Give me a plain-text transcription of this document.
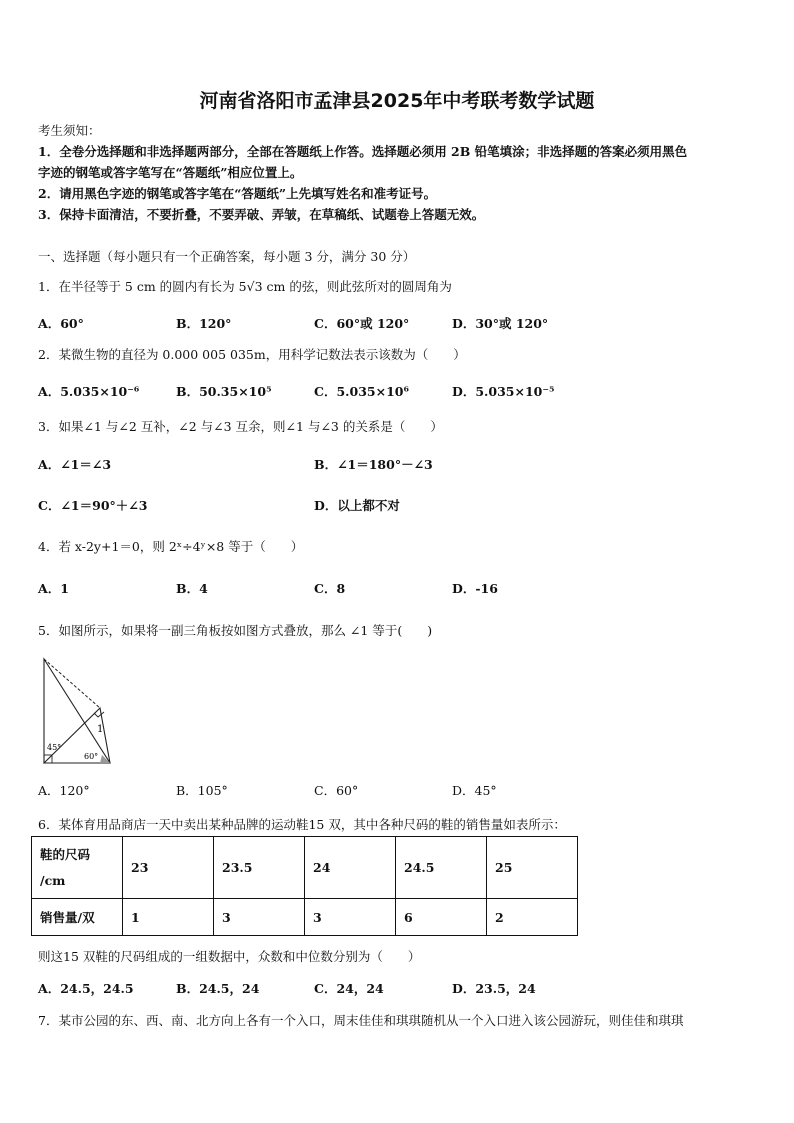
河南省洛阳市孟津县2025年中考联考数学试题
考生须知：
1．全卷分选择题和非选择题两部分，全部在答题纸上作答。选择题必须用 2B 铅笔填涂；非选择题的答案必须用黑色
字迹的钢笔或答字笔写在“答题纸”相应位置上。
2．请用黑色字迹的钢笔或答字笔在“答题纸”上先填写姓名和准考证号。
3．保持卡面清洁，不要折叠，不要弄破、弄皱，在草稿纸、试题卷上答题无效。
一、选择题（每小题只有一个正确答案，每小题 3 分，满分 30 分）
1．在半径等于 5 cm 的圆内有长为 5√3 cm 的弦，则此弦所对的圆周角为
A．60°	B．120°	C．60°或 120°	D．30°或 120°
2．某微生物的直径为 0.000 005 035m，用科学记数法表示该数为（　　）
A．5.035×10⁻⁶	B．50.35×10⁵	C．5.035×10⁶	D．5.035×10⁻⁵
3．如果∠1 与∠2 互补，∠2 与∠3 互余，则∠1 与∠3 的关系是（　　）
A．∠1＝∠3	B．∠1＝180°－∠3
C．∠1＝90°＋∠3	D．以上都不对
4．若 x-2y+1＝0，则 2ˣ÷4ʸ×8 等于（　　）
A．1	B．4	C．8	D．-16
5．如图所示，如果将一副三角板按如图方式叠放，那么 ∠1 等于(　　)
1
45°
60°
A．120°	B．105°	C．60°	D．45°
6．某体育用品商店一天中卖出某种品牌的运动鞋15 双，其中各种尺码的鞋的销售量如表所示：
鞋的尺码
/cm	23	23.5	24	24.5	25
销售量/双	1	3	3	6	2
则这15 双鞋的尺码组成的一组数据中，众数和中位数分别为（　　）
A．24.5，24.5	B．24.5，24	C．24，24	D．23.5，24
7．某市公园的东、西、南、北方向上各有一个入口，周末佳佳和琪琪随机从一个入口进入该公园游玩，则佳佳和琪琪
